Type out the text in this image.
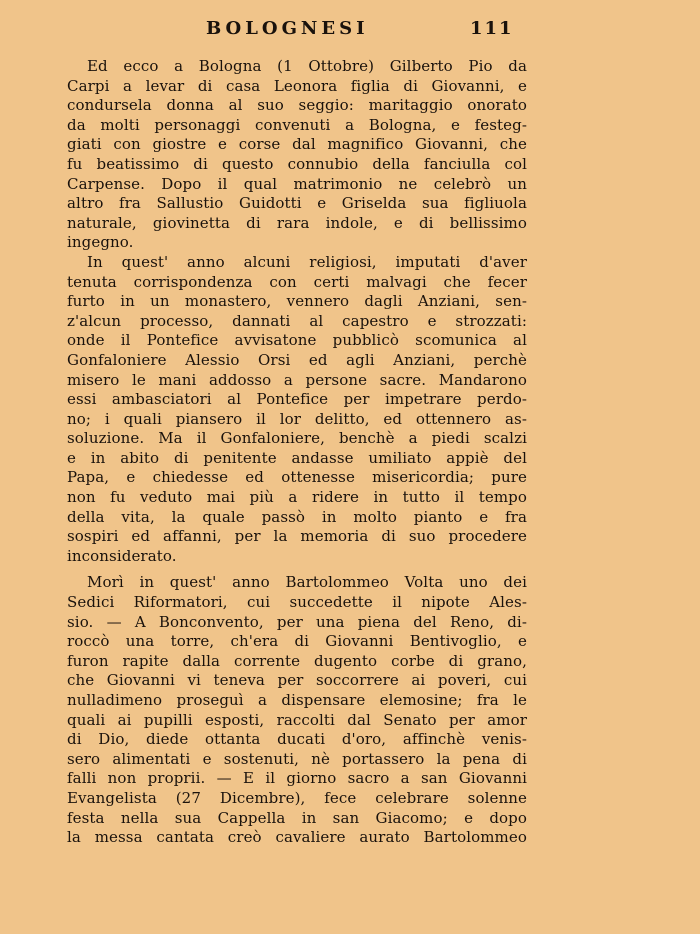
BOLOGNESI	111
Ed ecco a Bologna (1 Ottobre) Gilberto Pio da
Carpi a levar di casa Leonora figlia di Giovanni, e
condursela donna al suo seggio: maritaggio onorato
da molti personaggi convenuti a Bologna, e festeg-
giati con giostre e corse dal magnifico Giovanni, che
fu beatissimo di questo connubio della fanciulla col
Carpense. Dopo il qual matrimonio ne celebrò un
altro fra Sallustio Guidotti e Griselda sua figliuola
naturale, giovinetta di rara indole, e di bellissimo
ingegno.
In quest' anno alcuni religiosi, imputati d'aver
tenuta corrispondenza con certi malvagi che fecer
furto in un monastero, vennero dagli Anziani, sen-
z'alcun processo, dannati al capestro e strozzati:
onde il Pontefice avvisatone pubblicò scomunica al
Gonfaloniere Alessio Orsi ed agli Anziani, perchè
misero le mani addosso a persone sacre. Mandarono
essi ambasciatori al Pontefice per impetrare perdo-
no; i quali piansero il lor delitto, ed ottennero as-
soluzione. Ma il Gonfaloniere, benchè a piedi scalzi
e in abito di penitente andasse umiliato appiè del
Papa, e chiedesse ed ottenesse misericordia; pure
non fu veduto mai più a ridere in tutto il tempo
della vita, la quale passò in molto pianto e fra
sospiri ed affanni, per la memoria di suo procedere
inconsiderato.
Morì in quest' anno Bartolommeo Volta uno dei
Sedici Riformatori, cui succedette il nipote Ales-
sio. — A Bonconvento, per una piena del Reno, di-
roccò una torre, ch'era di Giovanni Bentivoglio, e
furon rapite dalla corrente dugento corbe di grano,
che Giovanni vi teneva per soccorrere ai poveri, cui
nulladimeno proseguì a dispensare elemosine; fra le
quali ai pupilli esposti, raccolti dal Senato per amor
di Dio, diede ottanta ducati d'oro, affinchè venis-
sero alimentati e sostenuti, nè portassero la pena di
falli non proprii. — E il giorno sacro a san Giovanni
Evangelista (27 Dicembre), fece celebrare solenne
festa nella sua Cappella in san Giacomo; e dopo
la messa cantata creò cavaliere aurato Bartolommeo
